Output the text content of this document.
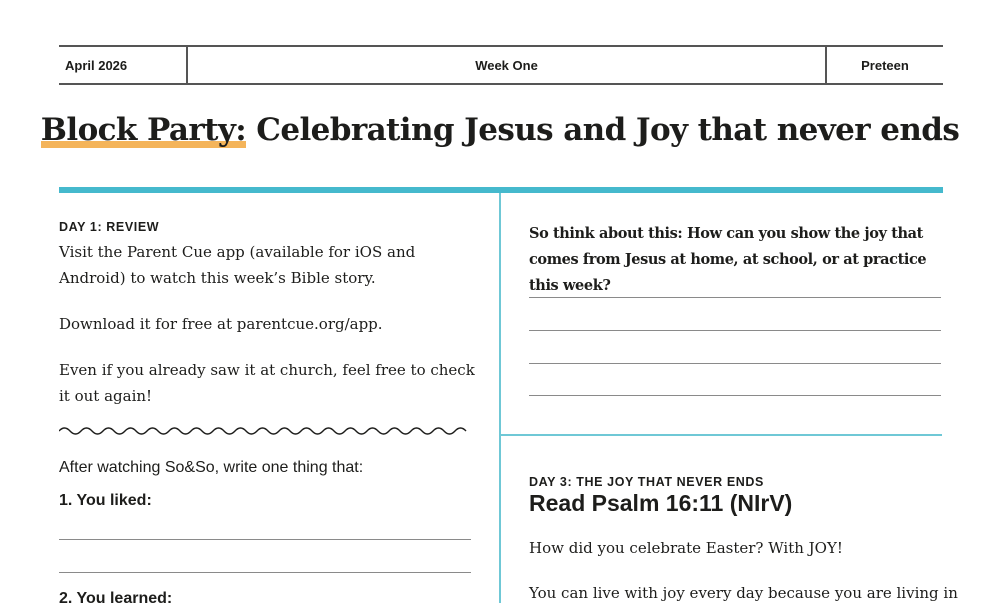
April 2026	Week One	Preteen
Block Party: Celebrating Jesus and Joy that never ends
DAY 1: REVIEW
Visit the Parent Cue app (available for iOS and Android) to watch this week’s Bible story.
Download it for free at parentcue.org/app.
Even if you already saw it at church, feel free to check it out again!
After watching So&So, write one thing that:
1. You liked:
2. You learned:
So think about this: How can you show the joy that comes from Jesus at home, at school, or at practice this week?
DAY 3: THE JOY THAT NEVER ENDS
Read Psalm 16:11 (NIrV)
How did you celebrate Easter? With JOY!
You can live with joy every day because you are living in
